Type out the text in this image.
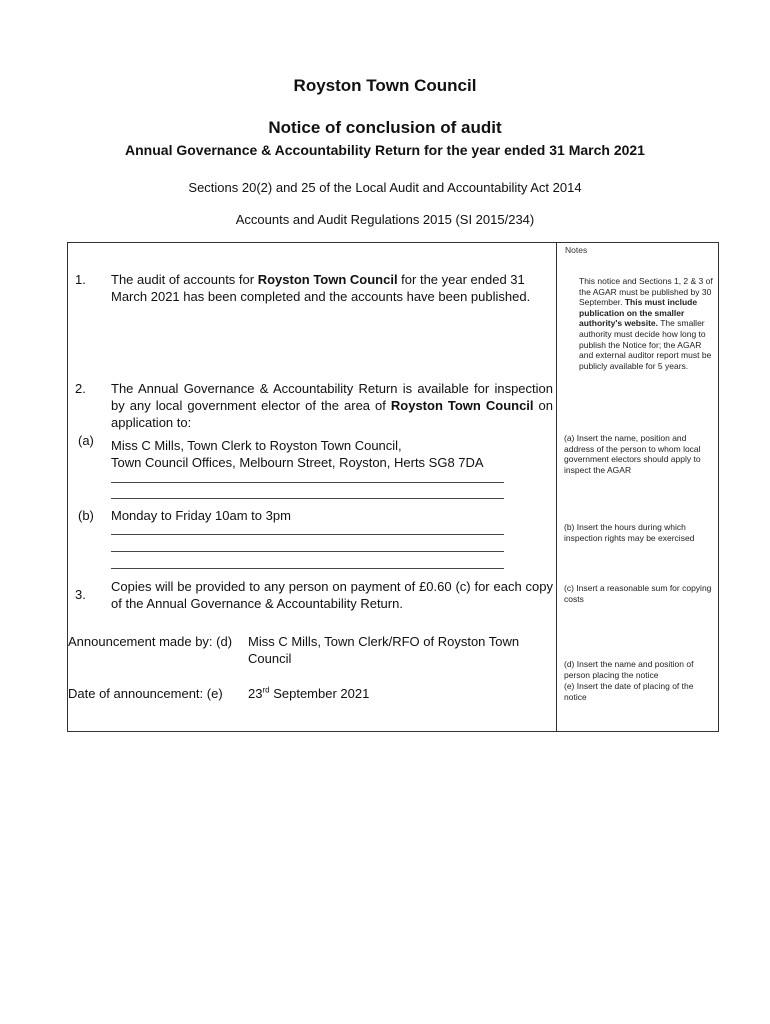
Royston Town Council
Notice of conclusion of audit
Annual Governance & Accountability Return for the year ended 31 March 2021
Sections 20(2) and 25 of the Local Audit and Accountability Act 2014
Accounts and Audit Regulations 2015 (SI 2015/234)
Notes
1. The audit of accounts for Royston Town Council for the year ended 31 March 2021 has been completed and the accounts have been published.
2. The Annual Governance & Accountability Return is available for inspection by any local government elector of the area of Royston Town Council on application to:
(a) Miss C Mills, Town Clerk to Royston Town Council,
Town Council Offices, Melbourn Street, Royston, Herts SG8 7DA
(b) Monday to Friday 10am to 3pm
3.
Copies will be provided to any person on payment of £0.60 (c) for each copy of the Annual Governance & Accountability Return.
Announcement made by: (d) Miss C Mills, Town Clerk/RFO of Royston Town Council
Date of announcement: (e) 23rd September 2021
This notice and Sections 1, 2 & 3 of the AGAR must be published by 30 September. This must include publication on the smaller authority's website. The smaller authority must decide how long to publish the Notice for; the AGAR and external auditor report must be publicly available for 5 years.
(a) Insert the name, position and address of the person to whom local government electors should apply to inspect the AGAR
(b) Insert the hours during which inspection rights may be exercised
(c) Insert a reasonable sum for copying costs
(d) Insert the name and position of person placing the notice
(e) Insert the date of placing of the notice
